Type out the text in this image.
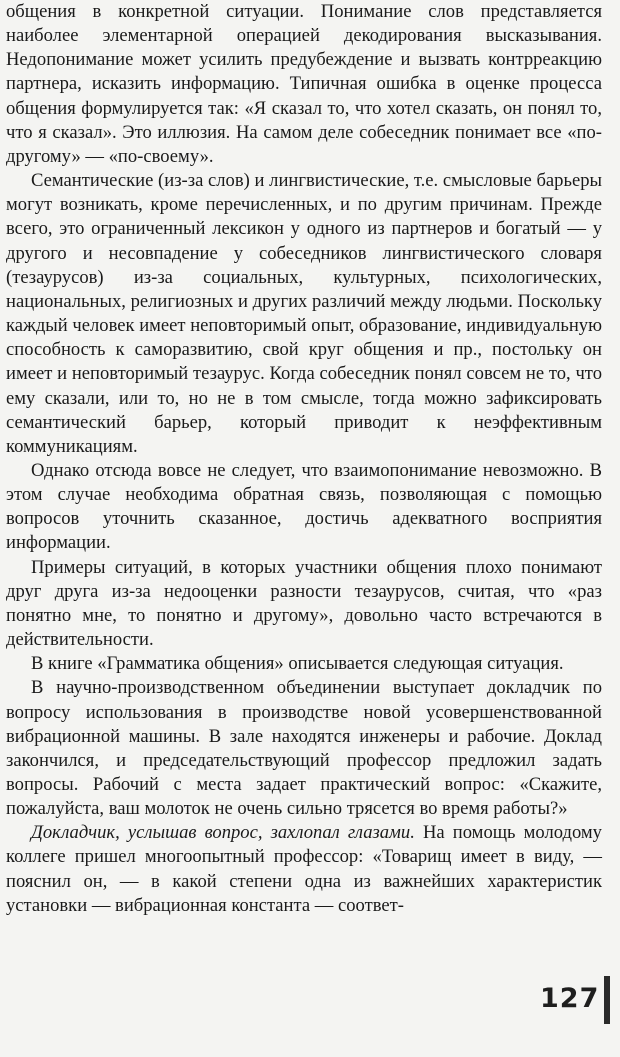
общения в конкретной ситуации. Понимание слов представляется наиболее элементарной операцией декодирования высказывания. Недопонимание может усилить предубеждение и вызвать контрреакцию партнера, исказить информацию. Типичная ошибка в оценке процесса общения формулируется так: «Я сказал то, что хотел сказать, он понял то, что я сказал». Это иллюзия. На самом деле собеседник понимает все «по-другому» — «по-своему».

Семантические (из-за слов) и лингвистические, т.е. смысловые барьеры могут возникать, кроме перечисленных, и по другим причинам. Прежде всего, это ограниченный лексикон у одного из партнеров и богатый — у другого и несовпадение у собеседников лингвистического словаря (тезаурусов) из-за социальных, культурных, психологических, национальных, религиозных и других различий между людьми. Поскольку каждый человек имеет неповторимый опыт, образование, индивидуальную способность к саморазвитию, свой круг общения и пр., постольку он имеет и неповторимый тезаурус. Когда собеседник понял совсем не то, что ему сказали, или то, но не в том смысле, тогда можно зафиксировать семантический барьер, который приводит к неэффективным коммуникациям.

Однако отсюда вовсе не следует, что взаимопонимание невозможно. В этом случае необходима обратная связь, позволяющая с помощью вопросов уточнить сказанное, достичь адекватного восприятия информации.

Примеры ситуаций, в которых участники общения плохо понимают друг друга из-за недооценки разности тезаурусов, считая, что «раз понятно мне, то понятно и другому», довольно часто встречаются в действительности.

В книге «Грамматика общения» описывается следующая ситуация.

В научно-производственном объединении выступает докладчик по вопросу использования в производстве новой усовершенствованной вибрационной машины. В зале находятся инженеры и рабочие. Доклад закончился, и председательствующий профессор предложил задать вопросы. Рабочий с места задает практический вопрос: «Скажите, пожалуйста, ваш молоток не очень сильно трясется во время работы?»

Докладчик, услышав вопрос, захлопал глазами. На помощь молодому коллеге пришел многоопытный профессор: «Товарищ имеет в виду, — пояснил он, — в какой степени одна из важнейших характеристик установки — вибрационная константа — соответ-

127
